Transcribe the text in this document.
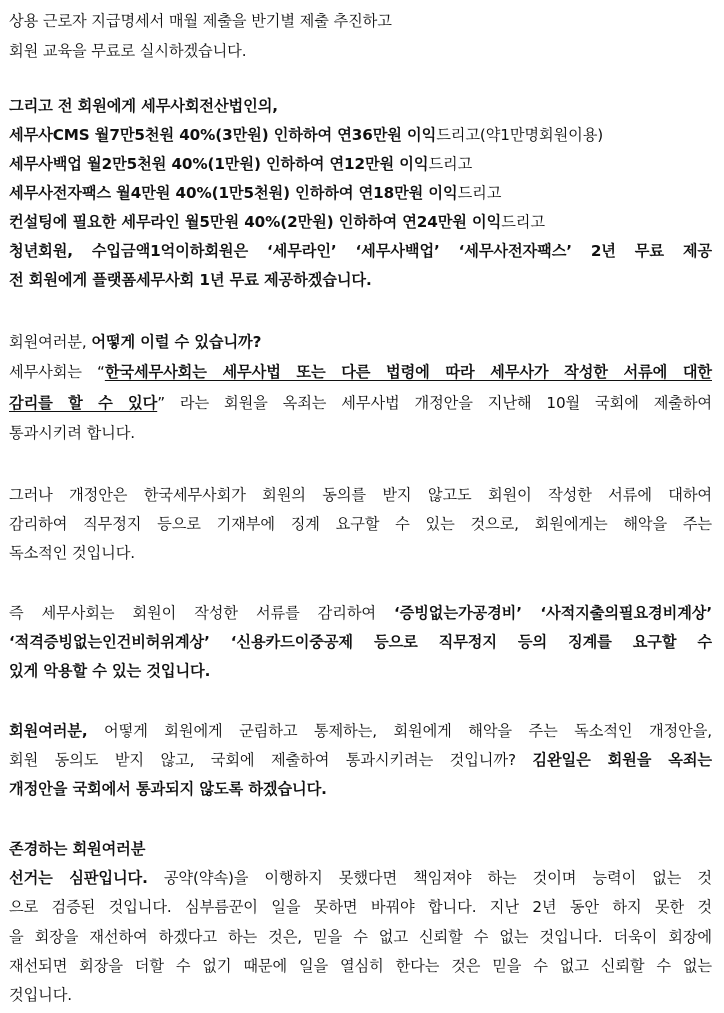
상용 근로자 지급명세서 매월 제출을 반기별 제출 추진하고
회원 교육을 무료로 실시하겠습니다.
그리고 전 회원에게 세무사회전산법인의,
세무사CMS 월7만5천원 40%(3만원) 인하하여 연36만원 이익드리고(약1만명회원이용)
세무사백업 월2만5천원 40%(1만원) 인하하여 연12만원 이익드리고
세무사전자팩스 월4만원 40%(1만5천원) 인하하여 연18만원 이익드리고
컨설팅에 필요한 세무라인 월5만원 40%(2만원) 인하하여 연24만원 이익드리고
청년회원, 수입금액1억이하회원은 ‘세무라인’ ‘세무사백업’ ‘세무사전자팩스’ 2년 무료 제공
전 회원에게 플랫폼세무사회 1년 무료 제공하겠습니다.
회원여러분, 어떻게 이럴 수 있습니까?
세무사회는 “한국세무사회는 세무사법 또는 다른 법령에 따라 세무사가 작성한 서류에 대한
감리를 할 수 있다” 라는 회원을 옥죄는 세무사법 개정안을 지난해 10월 국회에 제출하여
통과시키려 합니다.
그러나 개정안은 한국세무사회가 회원의 동의를 받지 않고도 회원이 작성한 서류에 대하여
감리하여 직무정지 등으로 기재부에 징계 요구할 수 있는 것으로, 회원에게는 해악을 주는
독소적인 것입니다.
즉 세무사회는 회원이 작성한 서류를 감리하여 ‘증빙없는가공경비’ ‘사적지출의필요경비계상’
‘적격증빙없는인건비허위계상’ ‘신용카드이중공제 등으로 직무정지 등의 징계를 요구할 수
있게 악용할 수 있는 것입니다.
회원여러분, 어떻게 회원에게 군림하고 통제하는, 회원에게 해악을 주는 독소적인 개정안을,
회원 동의도 받지 않고, 국회에 제출하여 통과시키려는 것입니까? 김완일은 회원을 옥죄는
개정안을 국회에서 통과되지 않도록 하겠습니다.
존경하는 회원여러분
선거는 심판입니다. 공약(약속)을 이행하지 못했다면 책임져야 하는 것이며 능력이 없는 것
으로 검증된 것입니다. 심부름꾼이 일을 못하면 바꿔야 합니다. 지난 2년 동안 하지 못한 것
을 회장을 재선하여 하겠다고 하는 것은, 믿을 수 없고 신뢰할 수 없는 것입니다. 더욱이 회장에
재선되면 회장을 더할 수 없기 때문에 일을 열심히 한다는 것은 믿을 수 없고 신뢰할 수 없는
것입니다.
